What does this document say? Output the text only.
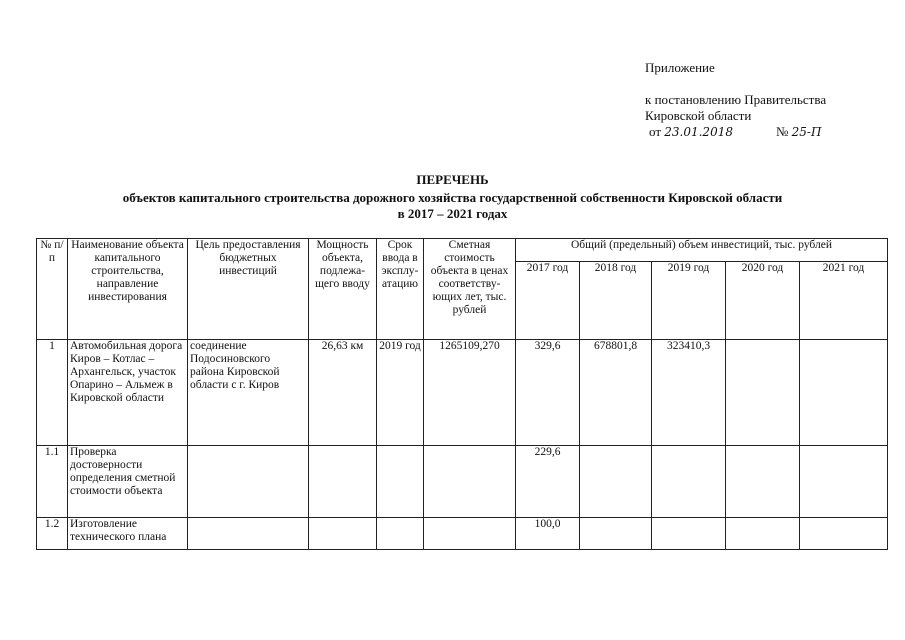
Приложение
к постановлению Правительства
Кировской области
от 23.01.2018	№ 25-П
ПЕРЕЧЕНЬ
объектов капитального строительства дорожного хозяйства государственной собственности Кировской области
в 2017 – 2021 годах
№ п/п	Наименование объекта капитального строительства, направление инвестирования	Цель предоставления бюджетных инвестиций	Мощность объекта, подлежа-щего вводу	Срок ввода в эксплу-атацию	Сметная стоимость объекта в ценах соответству-ющих лет, тыс. рублей	Общий (предельный) объем инвестиций, тыс. рублей				
						2017 год	2018 год	2019 год	2020 год	2021 год
1	Автомобильная дорога Киров – Котлас – Архангельск, участок Опарино – Альмеж в Кировской области	соединение Подосиновского района Кировской области с г. Киров	26,63 км	2019 год	1265109,270	329,6	678801,8	323410,3		
1.1	Проверка достоверности определения сметной стоимости объекта					229,6				
1.2	Изготовление технического плана					100,0				
